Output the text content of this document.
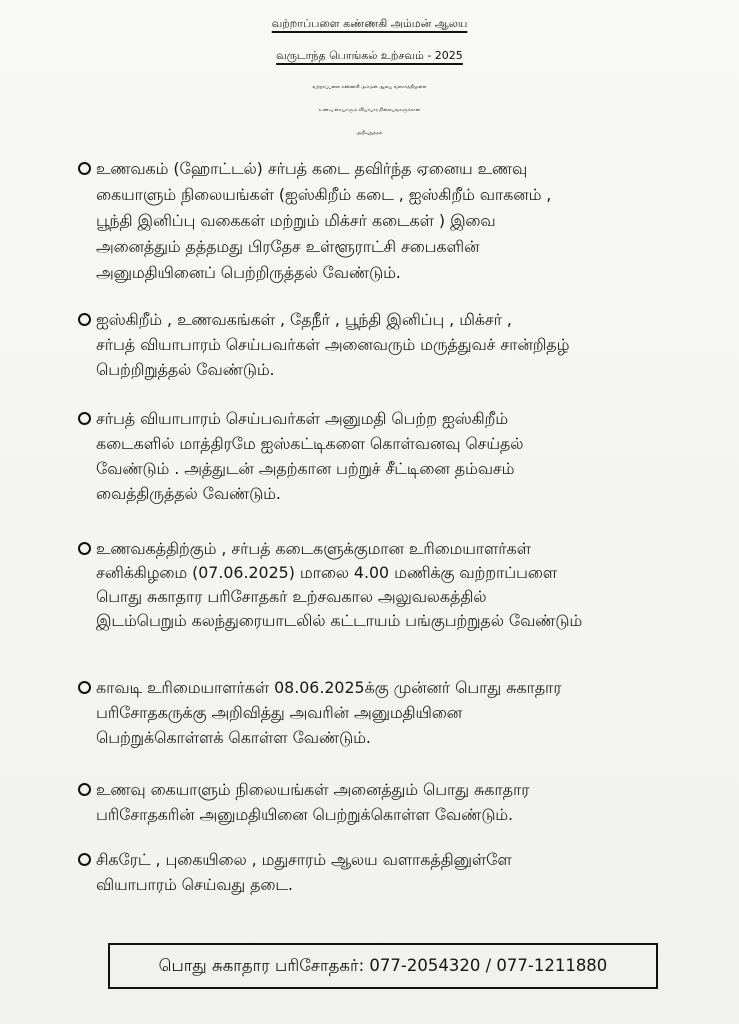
வற்றாப்பளை கண்ணகி அம்மன் ஆலய
வருடாந்த பொங்கல் உற்சவம் - 2025
வற்றாப்பளை கண்ணகி அம்மன் ஆலய வளாகத்திலுள்ள
உணவு கையாளும் வியாபார நிலையங்களுக்கான
அறிவுறுத்தல்
உணவகம் (ஹோட்டல்) சர்பத் கடை தவிர்ந்த ஏனைய உணவு
கையாளும் நிலையங்கள் (ஐஸ்கிறீம் கடை , ஐஸ்கிறீம் வாகனம் ,
பூந்தி இனிப்பு வகைகள் மற்றும் மிக்சர் கடைகள் ) இவை
அனைத்தும் தத்தமது பிரதேச உள்ளூராட்சி சபைகளின்
அனுமதியினைப் பெற்றிருத்தல் வேண்டும்.
ஐஸ்கிறீம் , உணவகங்கள் , தேநீர் , பூந்தி இனிப்பு , மிக்சர் ,
சர்பத் வியாபாரம் செய்பவர்கள் அனைவரும் மருத்துவச் சான்றிதழ்
பெற்றிறுத்தல் வேண்டும்.
சர்பத் வியாபாரம் செய்பவர்கள் அனுமதி பெற்ற ஐஸ்கிறீம்
கடைகளில் மாத்திரமே ஐஸ்கட்டிகளை கொள்வனவு செய்தல்
வேண்டும் . அத்துடன் அதற்கான பற்றுச் சீட்டினை தம்வசம்
வைத்திருத்தல் வேண்டும்.
உணவகத்திற்கும் , சர்பத் கடைகளுக்குமான உரிமையாளர்கள்
சனிக்கிழமை (07.06.2025) மாலை 4.00 மணிக்கு வற்றாப்பளை
பொது சுகாதார பரிசோதகர் உற்சவகால அலுவலகத்தில்
இடம்பெறும் கலந்துரையாடலில் கட்டாயம் பங்குபற்றுதல் வேண்டும்
காவடி உரிமையாளர்கள் 08.06.2025க்கு முன்னர் பொது சுகாதார
பரிசோதகருக்கு அறிவித்து அவரின் அனுமதியினை
பெற்றுக்கொள்ளக் கொள்ள வேண்டும்.
உணவு கையாளும் நிலையங்கள் அனைத்தும் பொது சுகாதார
பரிசோதகரின் அனுமதியினை பெற்றுக்கொள்ள வேண்டும்.
சிகரேட் , புகையிலை , மதுசாரம் ஆலய வளாகத்தினுள்ளே
வியாபாரம் செய்வது தடை.
பொது சுகாதார பரிசோதகர்: 077-2054320 / 077-1211880
